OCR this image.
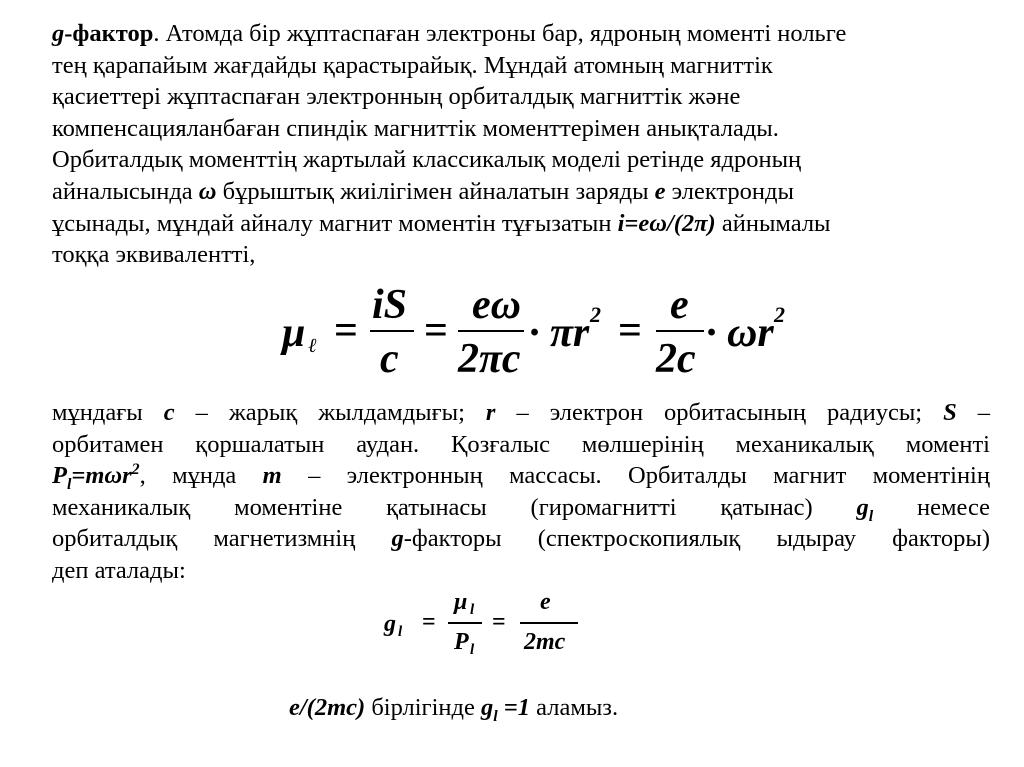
g-фактор. Атомда бір жұптаспаған электроны бар, ядроның моменті нольге
тең қарапайым жағдайды қарастырайық. Мұндай атомның магниттік
қасиеттері жұптаспаған электронның орбиталдық магниттік және
компенсацияланбаған спиндік магниттік моменттерімен анықталады.
Орбиталдық моменттің жартылай классикалық моделі ретінде ядроның
айналысында ω бұрыштық жиілігімен айналатын заряды е электронды
ұсынады, мұндай айналу магнит моментін тұғызатын i=eω/(2π) айнымалы
тоққа эквиваленттi,
μ ℓ =
iS
c
=
eω
2πc
· πr 2 =
e
2c
· ωr 2
мұндағы с – жарық жылдамдығы; r – электрон орбитасының радиусы; S –
орбитамен қоршалатын аудан. Қозғалыс мөлшерінің механикалық моменті
$P_l=m\omega r^2$, мұнда m – электронның массасы. Орбиталды магнит моментінің
механикалық моментіне қатынасы (гиромагнитті қатынас) $g_l$ немесе
орбиталдық магнетизмнің g-факторы (спектроскопиялық ыдырау факторы)
деп аталады:
g l =
μ l
P l
=
e
2mc
e/(2mc) бірлігінде $g_l =1$ аламыз.
